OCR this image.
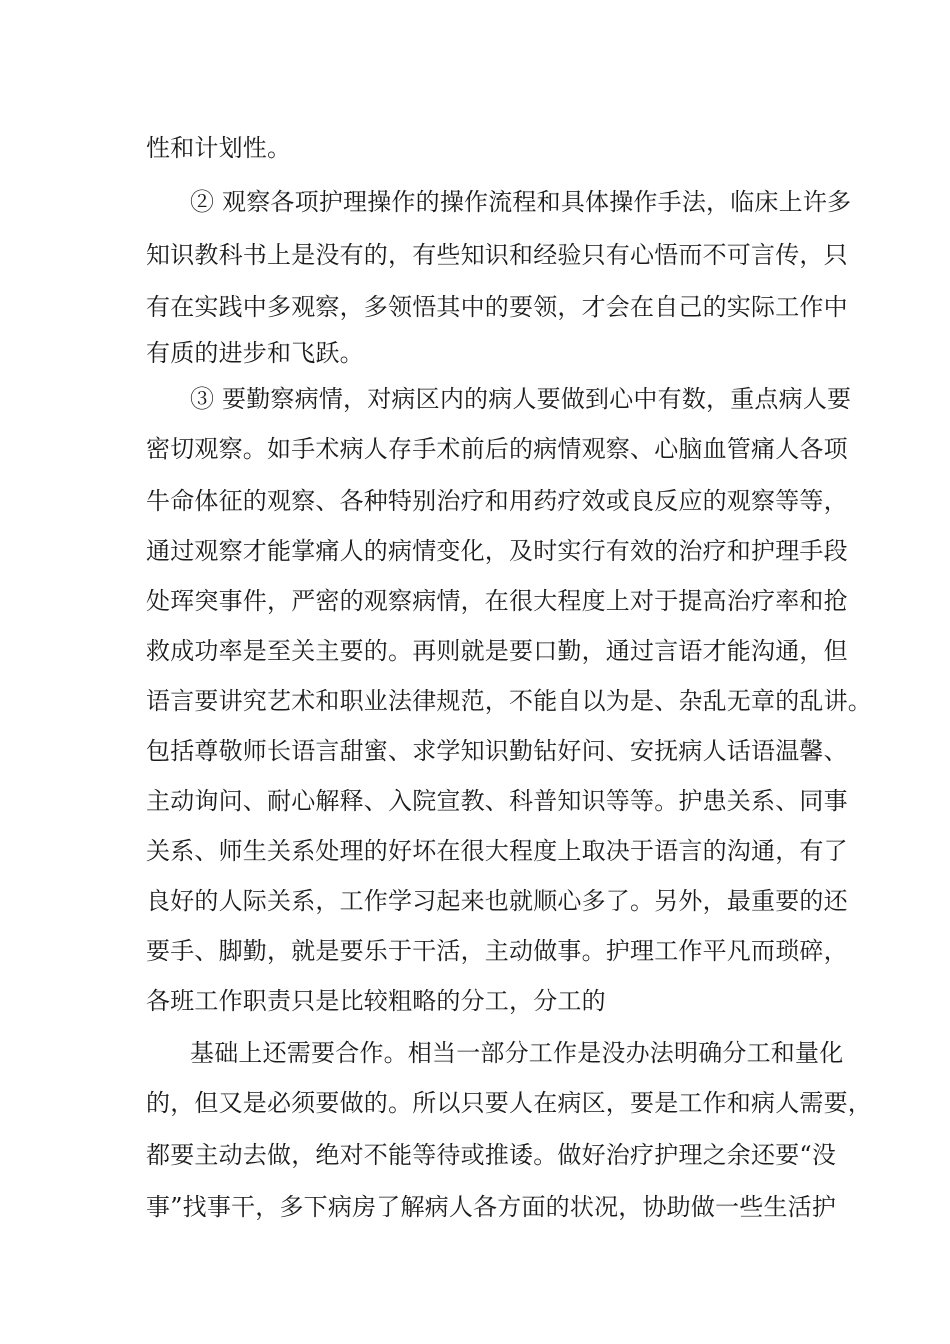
性和计划性。
② 观察各项护理操作的操作流程和具体操作手法，临床上许多
知识教科书上是没有的，有些知识和经验只有心悟而不可言传，只
有在实践中多观察，多领悟其中的要领，才会在自己的实际工作中
有质的进步和飞跃。
③ 要勤察病情，对病区内的病人要做到心中有数，重点病人要
密切观察。如手术病人存手术前后的病情观察、心脑血管痛人各项
牛命体征的观察、各种特别治疗和用药疗效或良反应的观察等等，
通过观察才能掌痛人的病情变化，及时实行有效的治疗和护理手段
处珲突事件，严密的观察病情，在很大程度上对于提高治疗率和抢
救成功率是至关主要的。再则就是要口勤，通过言语才能沟通，但
语言要讲究艺术和职业法律规范，不能自以为是、杂乱无章的乱讲。
包括尊敬师长语言甜蜜、求学知识勤钻好问、安抚病人话语温馨、
主动询问、耐心解释、入院宣教、科普知识等等。护患关系、同事
关系、师生关系处理的好坏在很大程度上取决于语言的沟通，有了
良好的人际关系，工作学习起来也就顺心多了。另外，最重要的还
要手、脚勤，就是要乐于干活，主动做事。护理工作平凡而琐碎，
各班工作职责只是比较粗略的分工，分工的
基础上还需要合作。相当一部分工作是没办法明确分工和量化
的，但又是必须要做的。所以只要人在病区，要是工作和病人需要，
都要主动去做，绝对不能等待或推诿。做好治疗护理之余还要“没
事”找事干，多下病房了解病人各方面的状况，协助做一些生活护
